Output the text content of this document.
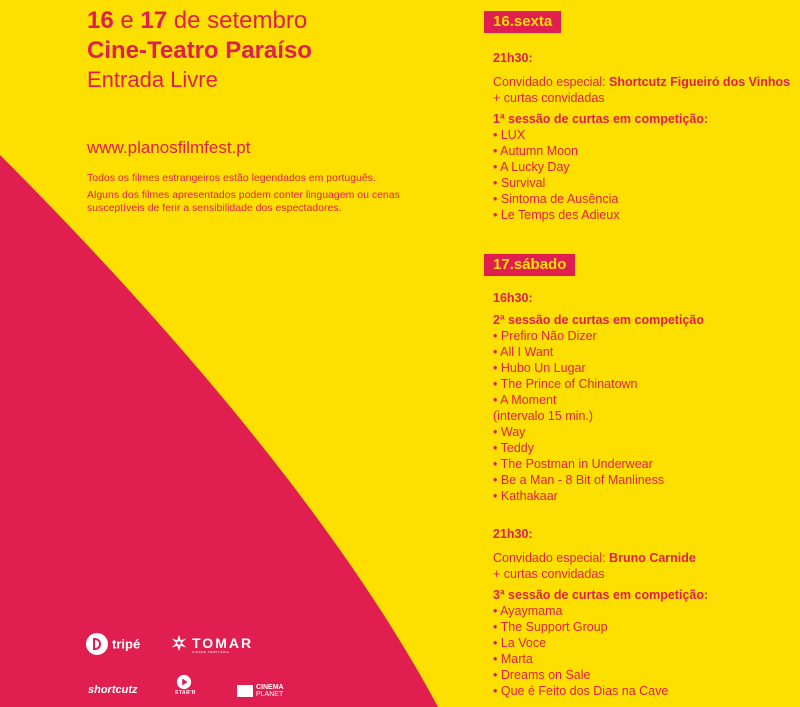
16 e 17 de setembro
Cine-Teatro Paraíso
Entrada Livre
www.planosfilmfest.pt

Todos os filmes estrangeiros estão legendados em português.

Alguns dos filmes apresentados podem conter linguagem ou cenas susceptíveis de ferir a sensibilidade dos espectadores.

16.sexta
21h30:
Convidado especial: Shortcutz Figueiró dos Vinhos + curtas convidadas
1ª sessão de curtas em competição:
• LUX
• Autumn Moon
• A Lucky Day
• Survival
• Sintoma de Ausência
• Le Temps des Adieux
17.sábado
16h30:
2ª sessão de curtas em competição
• Prefiro Não Dizer
• All I Want
• Hubo Un Lugar
• The Prince of Chinatown
• A Moment
(intervalo 15 min.)
• Way
• Teddy
• The Postman in Underwear
• Be a Man - 8 Bit of Manliness
• Kathakaar
21h30:
Convidado especial: Bruno Carnide
+ curtas convidadas
3ª sessão de curtas em competição:
• Ayaymama
• The Support Group
• La Voce
• Marta
• Dreams on Sale
• Que é Feito dos Dias na Cave
tripé	TOMAR
CIDADE TEMPLÁRIA
shortcutz	STAR'R
CINEMA
PLANET
